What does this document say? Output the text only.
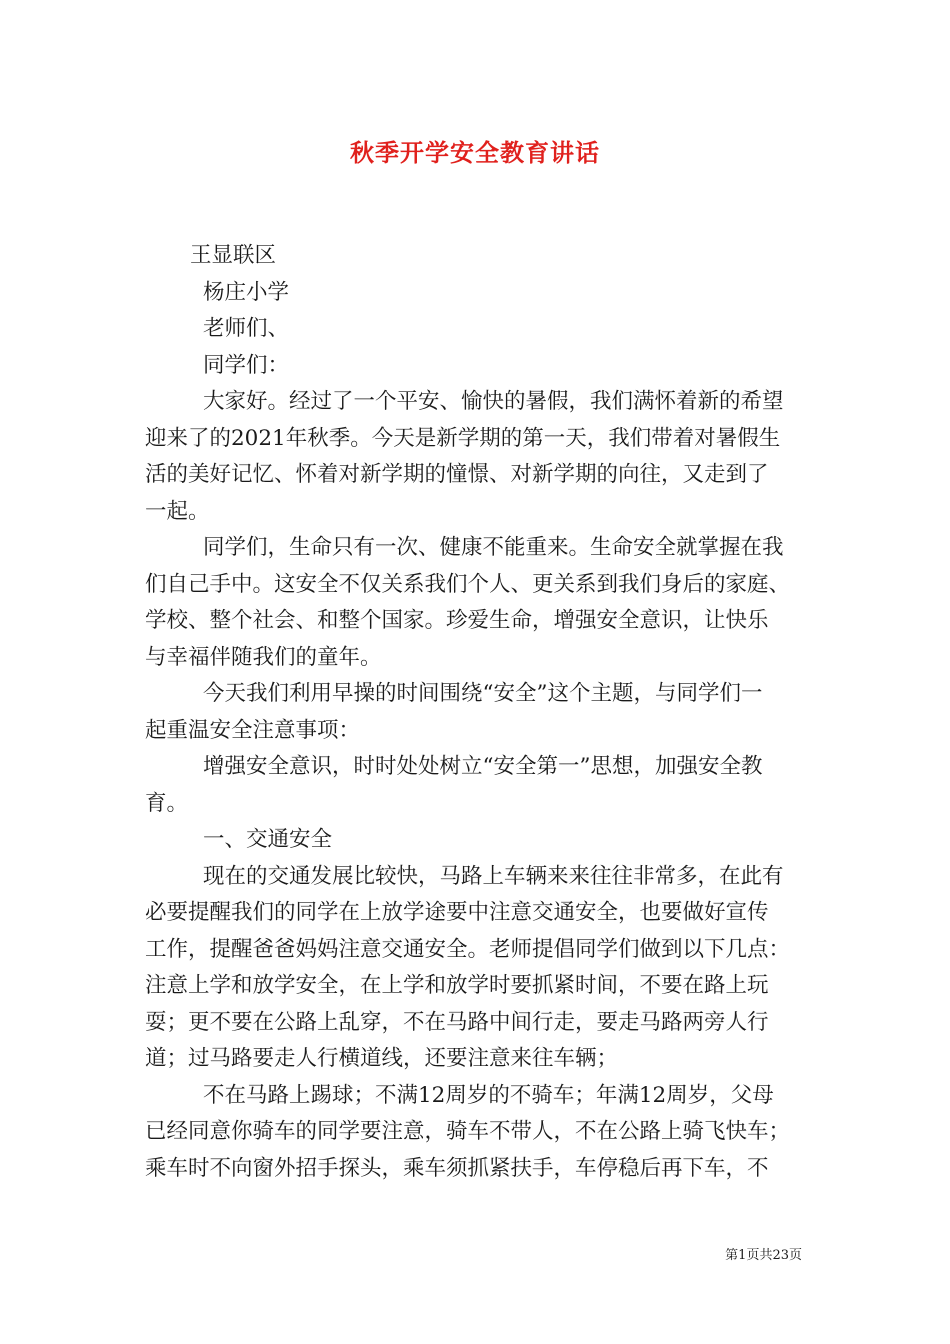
秋季开学安全教育讲话
王显联区
杨庄小学
老师们、
同学们：
大家好。经过了一个平安、愉快的暑假，我们满怀着新的希望
迎来了的2021年秋季。今天是新学期的第一天，我们带着对暑假生
活的美好记忆、怀着对新学期的憧憬、对新学期的向往，又走到了
一起。
同学们，生命只有一次、健康不能重来。生命安全就掌握在我
们自己手中。这安全不仅关系我们个人、更关系到我们身后的家庭、
学校、整个社会、和整个国家。珍爱生命，增强安全意识，让快乐
与幸福伴随我们的童年。
今天我们利用早操的时间围绕“安全”这个主题，与同学们一
起重温安全注意事项：
增强安全意识，时时处处树立“安全第一”思想，加强安全教
育。
一、交通安全
现在的交通发展比较快，马路上车辆来来往往非常多，在此有
必要提醒我们的同学在上放学途要中注意交通安全，也要做好宣传
工作，提醒爸爸妈妈注意交通安全。老师提倡同学们做到以下几点：
注意上学和放学安全，在上学和放学时要抓紧时间，不要在路上玩
耍；更不要在公路上乱穿，不在马路中间行走，要走马路两旁人行
道；过马路要走人行横道线，还要注意来往车辆；
不在马路上踢球；不满12周岁的不骑车；年满12周岁，父母
已经同意你骑车的同学要注意，骑车不带人，不在公路上骑飞快车；
乘车时不向窗外招手探头，乘车须抓紧扶手，车停稳后再下车，不
第1页共23页
